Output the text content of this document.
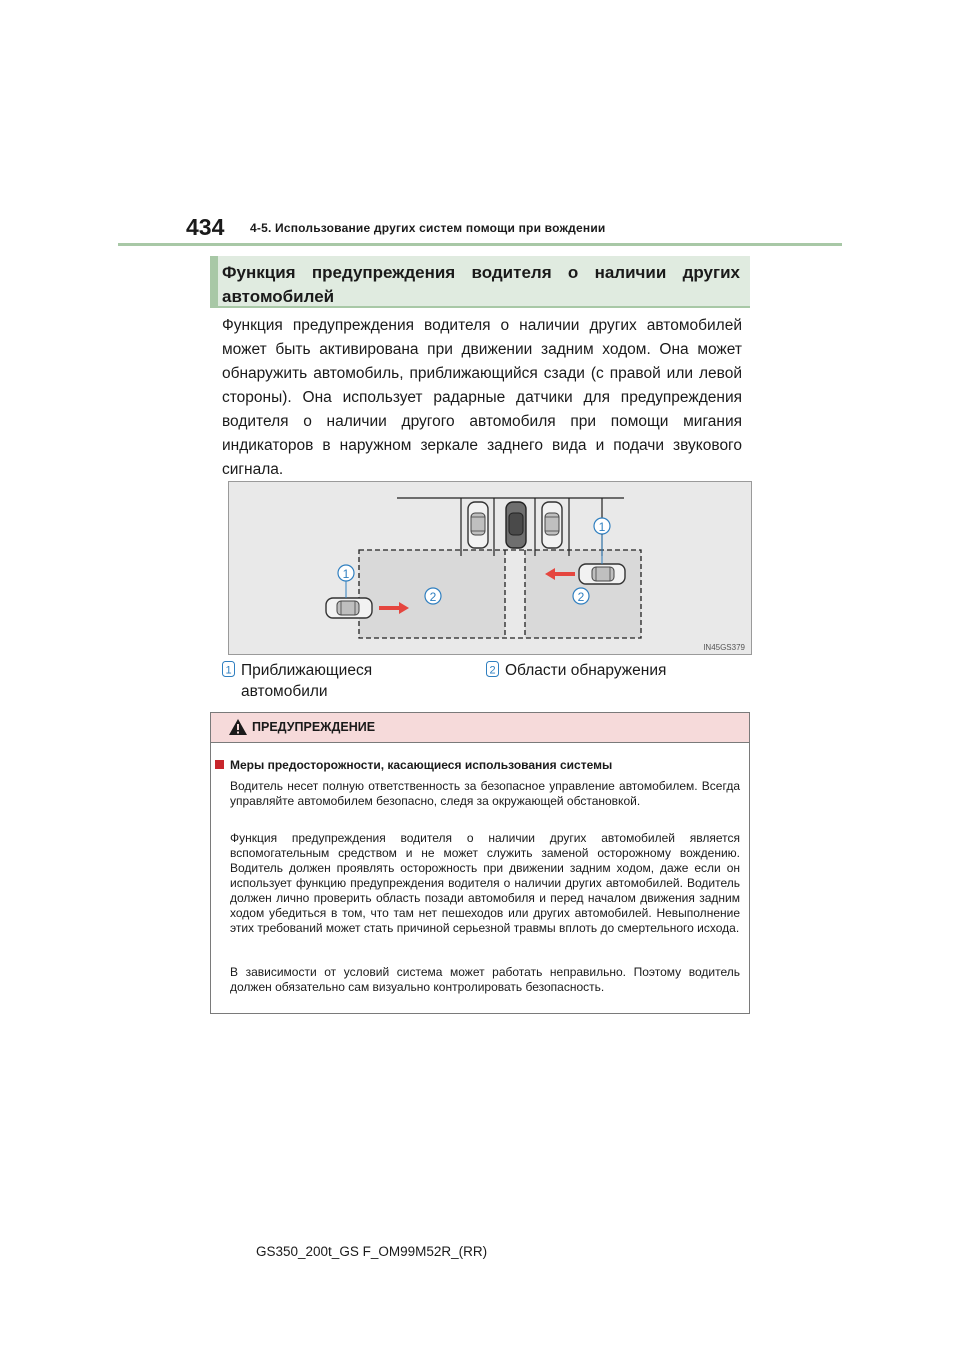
434 4-5. Использование других систем помощи при вождении
Функция предупреждения водителя о наличии других автомобилей
Функция предупреждения водителя о наличии других автомобилей может быть активирована при движении задним ходом. Она может обнаружить автомобиль, приближающийся сзади (с правой или левой стороны). Она использует радарные датчики для предупреждения водителя о наличии другого автомобиля при помощи мигания индикаторов в наружном зеркале заднего вида и подачи звукового сигнала.
1
1
2	2
IN45GS379
1 Приближающиеся автомобили
2 Области обнаружения
ПРЕДУПРЕЖДЕНИЕ
Меры предосторожности, касающиеся использования системы
Водитель несет полную ответственность за безопасное управление автомобилем. Всегда управляйте автомобилем безопасно, следя за окружающей обстановкой.
Функция предупреждения водителя о наличии других автомобилей является вспомогательным средством и не может служить заменой осторожному вождению. Водитель должен проявлять осторожность при движении задним ходом, даже если он использует функцию предупреждения водителя о наличии других автомобилей. Водитель должен лично проверить область позади автомобиля и перед началом движения задним ходом убедиться в том, что там нет пешеходов или других автомобилей. Невыполнение этих требований может стать причиной серьезной травмы вплоть до смертельного исхода.
В зависимости от условий система может работать неправильно. Поэтому водитель должен обязательно сам визуально контролировать безопасность.
GS350_200t_GS F_OM99M52R_(RR)
